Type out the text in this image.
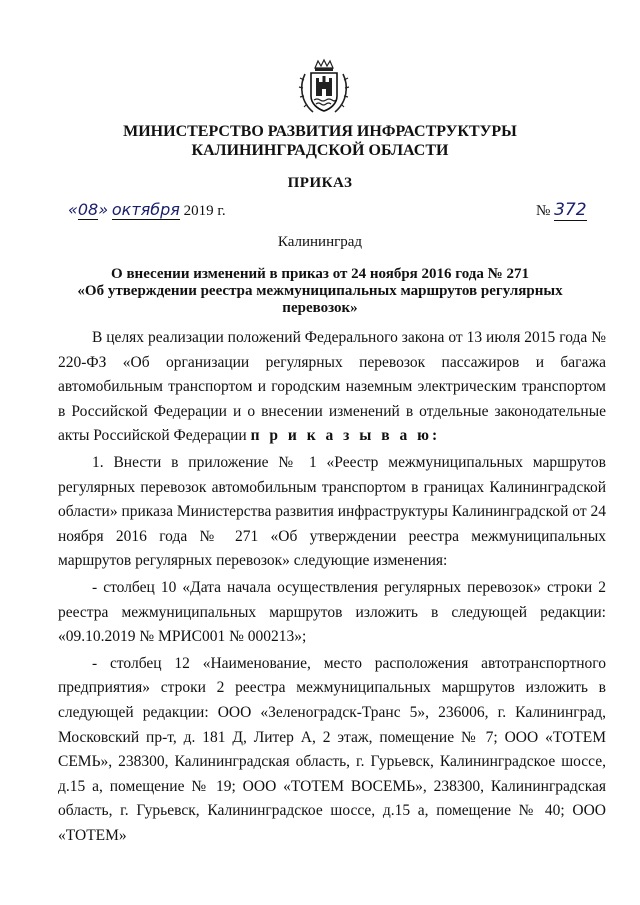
МИНИСТЕРСТВО РАЗВИТИЯ ИНФРАСТРУКТУРЫ
КАЛИНИНГРАДСКОЙ ОБЛАСТИ
ПРИКАЗ
«08» октября 2019 г.	№ 372
Калининград
О внесении изменений в приказ от 24 ноября 2016 года № 271
«Об утверждении реестра межмуниципальных маршрутов регулярных
перевозок»

В целях реализации положений Федерального закона от 13 июля 2015 года № 220-ФЗ «Об организации регулярных перевозок пассажиров и багажа автомобильным транспортом и городским наземным электрическим транспортом в Российской Федерации и о внесении изменений в отдельные законодательные акты Российской Федерации п р и к а з ы в а ю:

1. Внести в приложение № 1 «Реестр межмуниципальных маршрутов регулярных перевозок автомобильным транспортом в границах Калининградской области» приказа Министерства развития инфраструктуры Калининградской от 24 ноября 2016 года № 271 «Об утверждении реестра межмуниципальных маршрутов регулярных перевозок» следующие изменения:

- столбец 10 «Дата начала осуществления регулярных перевозок» строки 2 реестра межмуниципальных маршрутов изложить в следующей редакции: «09.10.2019 № МРИС001 № 000213»;

- столбец 12 «Наименование, место расположения автотранспортного предприятия» строки 2 реестра межмуниципальных маршрутов изложить в следующей редакции: ООО «Зеленоградск-Транс 5», 236006, г. Калининград, Московский пр-т, д. 181 Д, Литер А, 2 этаж, помещение № 7; ООО «ТОТЕМ СЕМЬ», 238300, Калининградская область, г. Гурьевск, Калининградское шоссе, д.15 а, помещение № 19; ООО «ТОТЕМ ВОСЕМЬ», 238300, Калининградская область, г. Гурьевск, Калининградское шоссе, д.15 а, помещение № 40; ООО «ТОТЕМ»
